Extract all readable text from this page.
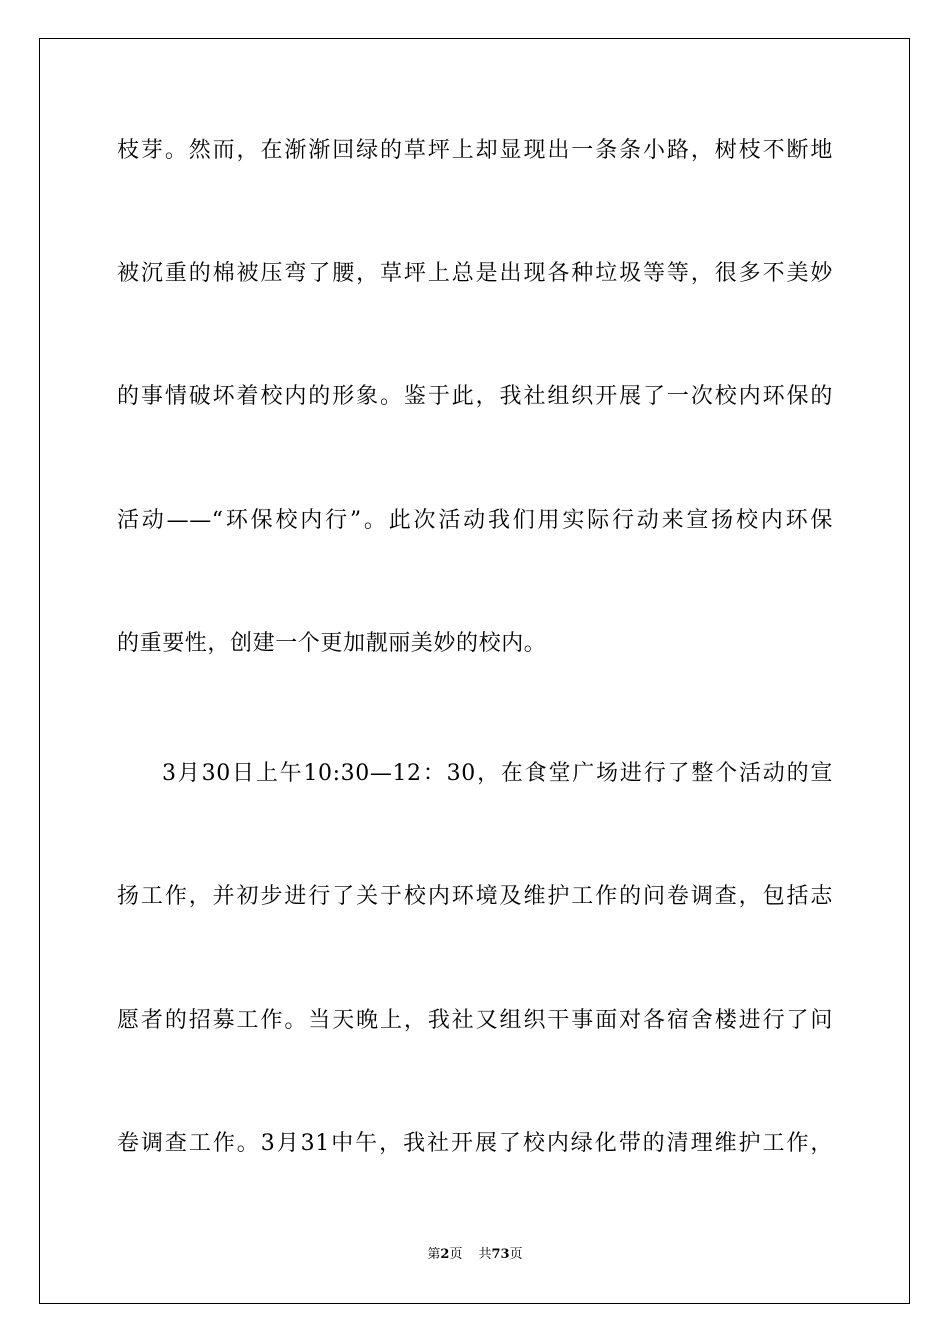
枝芽。然而，在渐渐回绿的草坪上却显现出一条条小路，树枝不断地
被沉重的棉被压弯了腰，草坪上总是出现各种垃圾等等，很多不美妙
的事情破坏着校内的形象。鉴于此，我社组织开展了一次校内环保的
活动——“环保校内行”。此次活动我们用实际行动来宣扬校内环保
的重要性，创建一个更加靓丽美妙的校内。
3月30日上午10:30—12：30，在食堂广场进行了整个活动的宣
扬工作，并初步进行了关于校内环境及维护工作的问卷调查，包括志
愿者的招募工作。当天晚上，我社又组织干事面对各宿舍楼进行了问
卷调查工作。3月31中午，我社开展了校内绿化带的清理维护工作，
第2页 共73页
